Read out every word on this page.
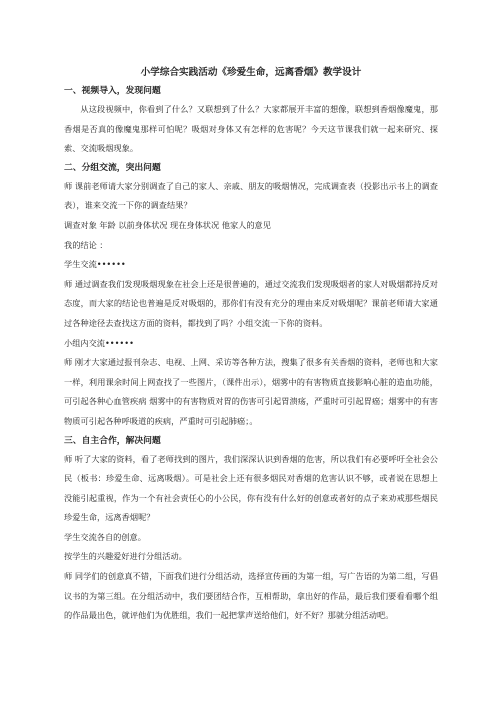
小学综合实践活动《珍爱生命，远离香烟》教学设计
一、视频导入，发现问题

从这段视频中，你看到了什么？又联想到了什么？大家都展开丰富的想像，联想到香烟像魔鬼，那香烟是否真的像魔鬼那样可怕呢？吸烟对身体又有怎样的危害呢？今天这节课我们就一起来研究、探索、交流吸烟现象。

二、分组交流，突出问题

师 课前老师请大家分别调查了自己的家人、亲戚、朋友的吸烟情况，完成调查表（投影出示书上的调查表），谁来交流一下你的调查结果？

调查对象 年龄 以前身体状况 现在身体状况 他家人的意见

我的结论 ：

学生交流••••••

师 通过调查我们发现吸烟现象在社会上还是很普遍的，通过交流我们发现吸烟者的家人对吸烟都持反对态度，而大家的结论也普遍是反对吸烟的，那你们有没有充分的理由来反对吸烟呢？课前老师请大家通过各种途径去查找这方面的资料，都找到了吗？小组交流一下你的资料。

小组内交流••••••

师 刚才大家通过报刊杂志、电视、上网、采访等各种方法，搜集了很多有关香烟的资料，老师也和大家一样，利用课余时间上网查找了一些图片，（课件出示），烟雾中的有害物质直接影响心脏的造血功能，可引起各种心血管疾病 烟雾中的有害物质对胃的伤害可引起胃溃疡，严重时可引起胃癌；烟雾中的有害物质可引起各种呼吸道的疾病，严重时可引起肺癌；。

三、自主合作，解决问题

师 听了大家的资料，看了老师找到的图片，我们深深认识到香烟的危害，所以我们有必要呼吁全社会公民（板书：珍爱生命、远离吸烟）。可是社会上还有很多烟民对香烟的危害认识不够，或者说在思想上没能引起重视，作为一个有社会责任心的小公民，你有没有什么好的创意或者好的点子来劝戒那些烟民珍爱生命，远离香烟呢？

学生交流各自的创意。

按学生的兴趣爱好进行分组活动。

师 同学们的创意真不错，下面我们进行分组活动，选择宣传画的为第一组，写广告语的为第二组，写倡议书的为第三组。在分组活动中，我们要团结合作，互相帮助，拿出好的作品，最后我们要看看哪个组的作品最出色，就评他们为优胜组，我们一起把掌声送给他们，好不好？那就分组活动吧。
